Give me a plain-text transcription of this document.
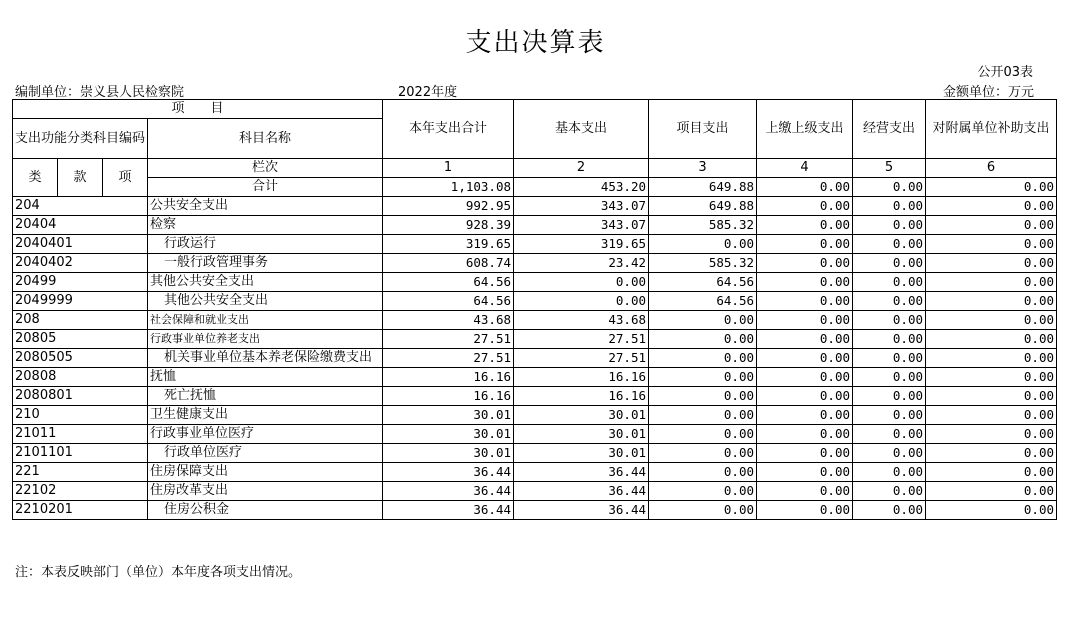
支出决算表
公开03表
编制单位：崇义县人民检察院	2022年度	金额单位：万元
项　　目				本年支出合计	基本支出	项目支出	上缴上级支出	经营支出	对附属单位补助支出
支出功能分类科目编码			科目名称						

类	款	项	栏次	1	2	3	4	5	6
			合计	1,103.08	453.20	649.88	0.00	0.00	0.00
204			公共安全支出	992.95	343.07	649.88	0.00	0.00	0.00
20404			检察	928.39	343.07	585.32	0.00	0.00	0.00
2040401			行政运行	319.65	319.65	0.00	0.00	0.00	0.00
2040402			一般行政管理事务	608.74	23.42	585.32	0.00	0.00	0.00
20499			其他公共安全支出	64.56	0.00	64.56	0.00	0.00	0.00
2049999			其他公共安全支出	64.56	0.00	64.56	0.00	0.00	0.00
208			社会保障和就业支出	43.68	43.68	0.00	0.00	0.00	0.00
20805			行政事业单位养老支出	27.51	27.51	0.00	0.00	0.00	0.00
2080505			机关事业单位基本养老保险缴费支出	27.51	27.51	0.00	0.00	0.00	0.00
20808			抚恤	16.16	16.16	0.00	0.00	0.00	0.00
2080801			死亡抚恤	16.16	16.16	0.00	0.00	0.00	0.00
210			卫生健康支出	30.01	30.01	0.00	0.00	0.00	0.00
21011			行政事业单位医疗	30.01	30.01	0.00	0.00	0.00	0.00
2101101			行政单位医疗	30.01	30.01	0.00	0.00	0.00	0.00
221			住房保障支出	36.44	36.44	0.00	0.00	0.00	0.00
22102			住房改革支出	36.44	36.44	0.00	0.00	0.00	0.00
2210201			住房公积金	36.44	36.44	0.00	0.00	0.00	0.00
注：本表反映部门（单位）本年度各项支出情况。
